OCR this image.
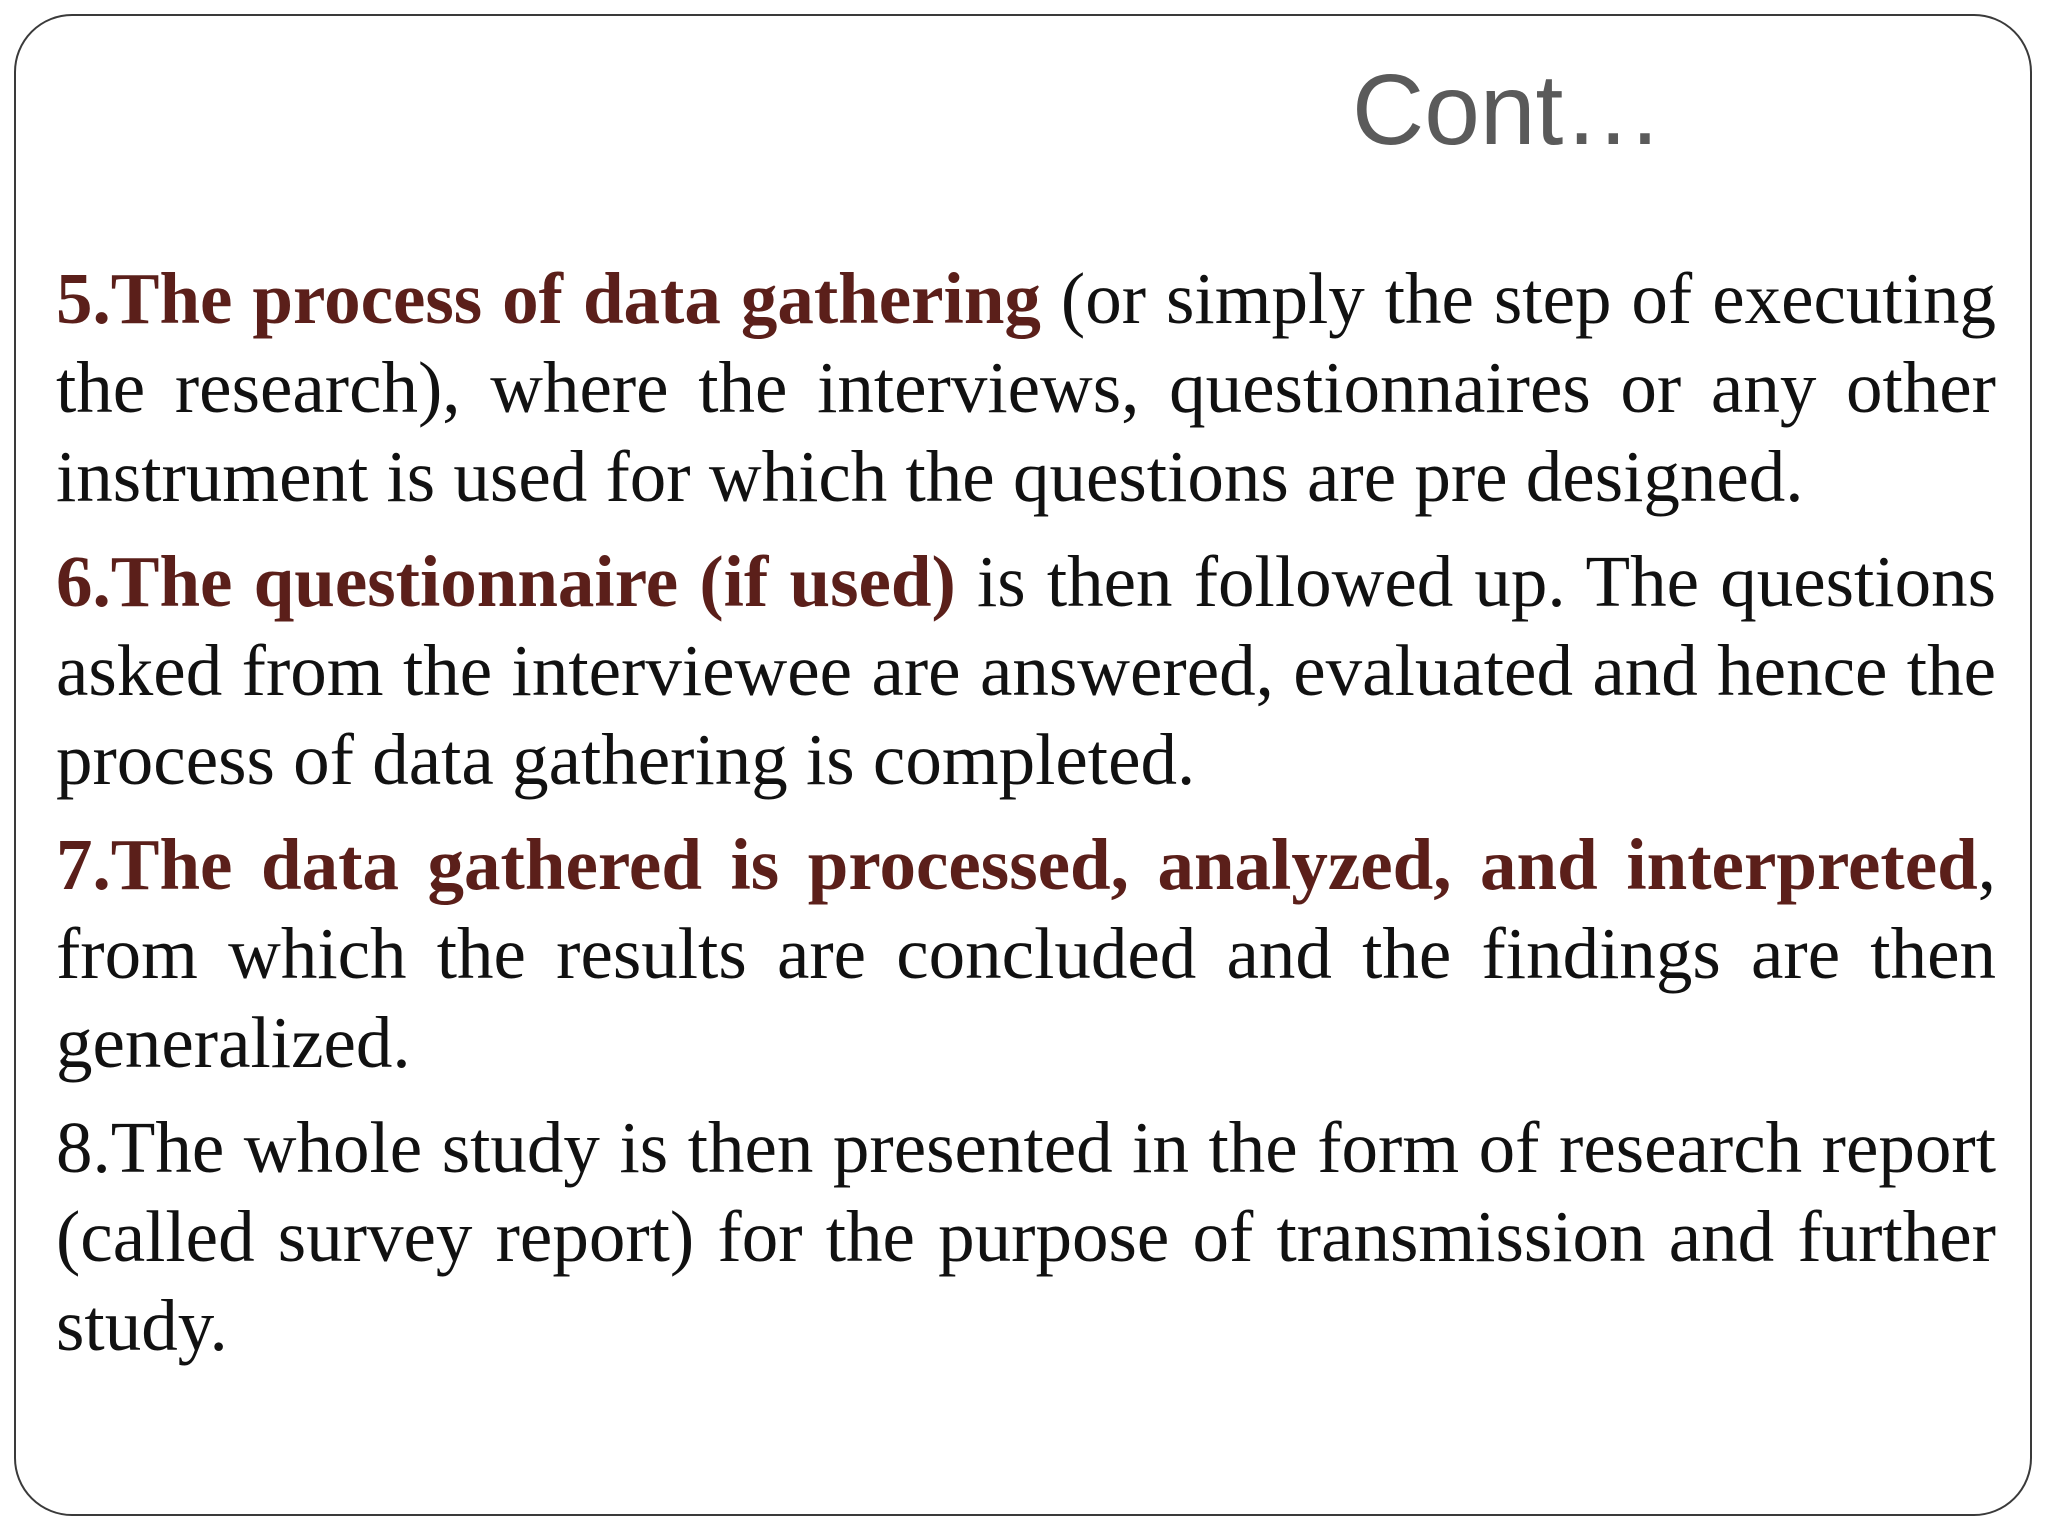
Cont…

5.The process of data gathering (or simply the step of executing the research), where the interviews, questionnaires or any other instrument is used for which the questions are pre designed.

6.The questionnaire (if used) is then followed up. The questions asked from the interviewee are answered, evaluated and hence the process of data gathering is completed.

7.The data gathered is processed, analyzed, and interpreted, from which the results are concluded and the findings are then generalized.

8.The whole study is then presented in the form of research report (called survey report) for the purpose of transmission and further study.
